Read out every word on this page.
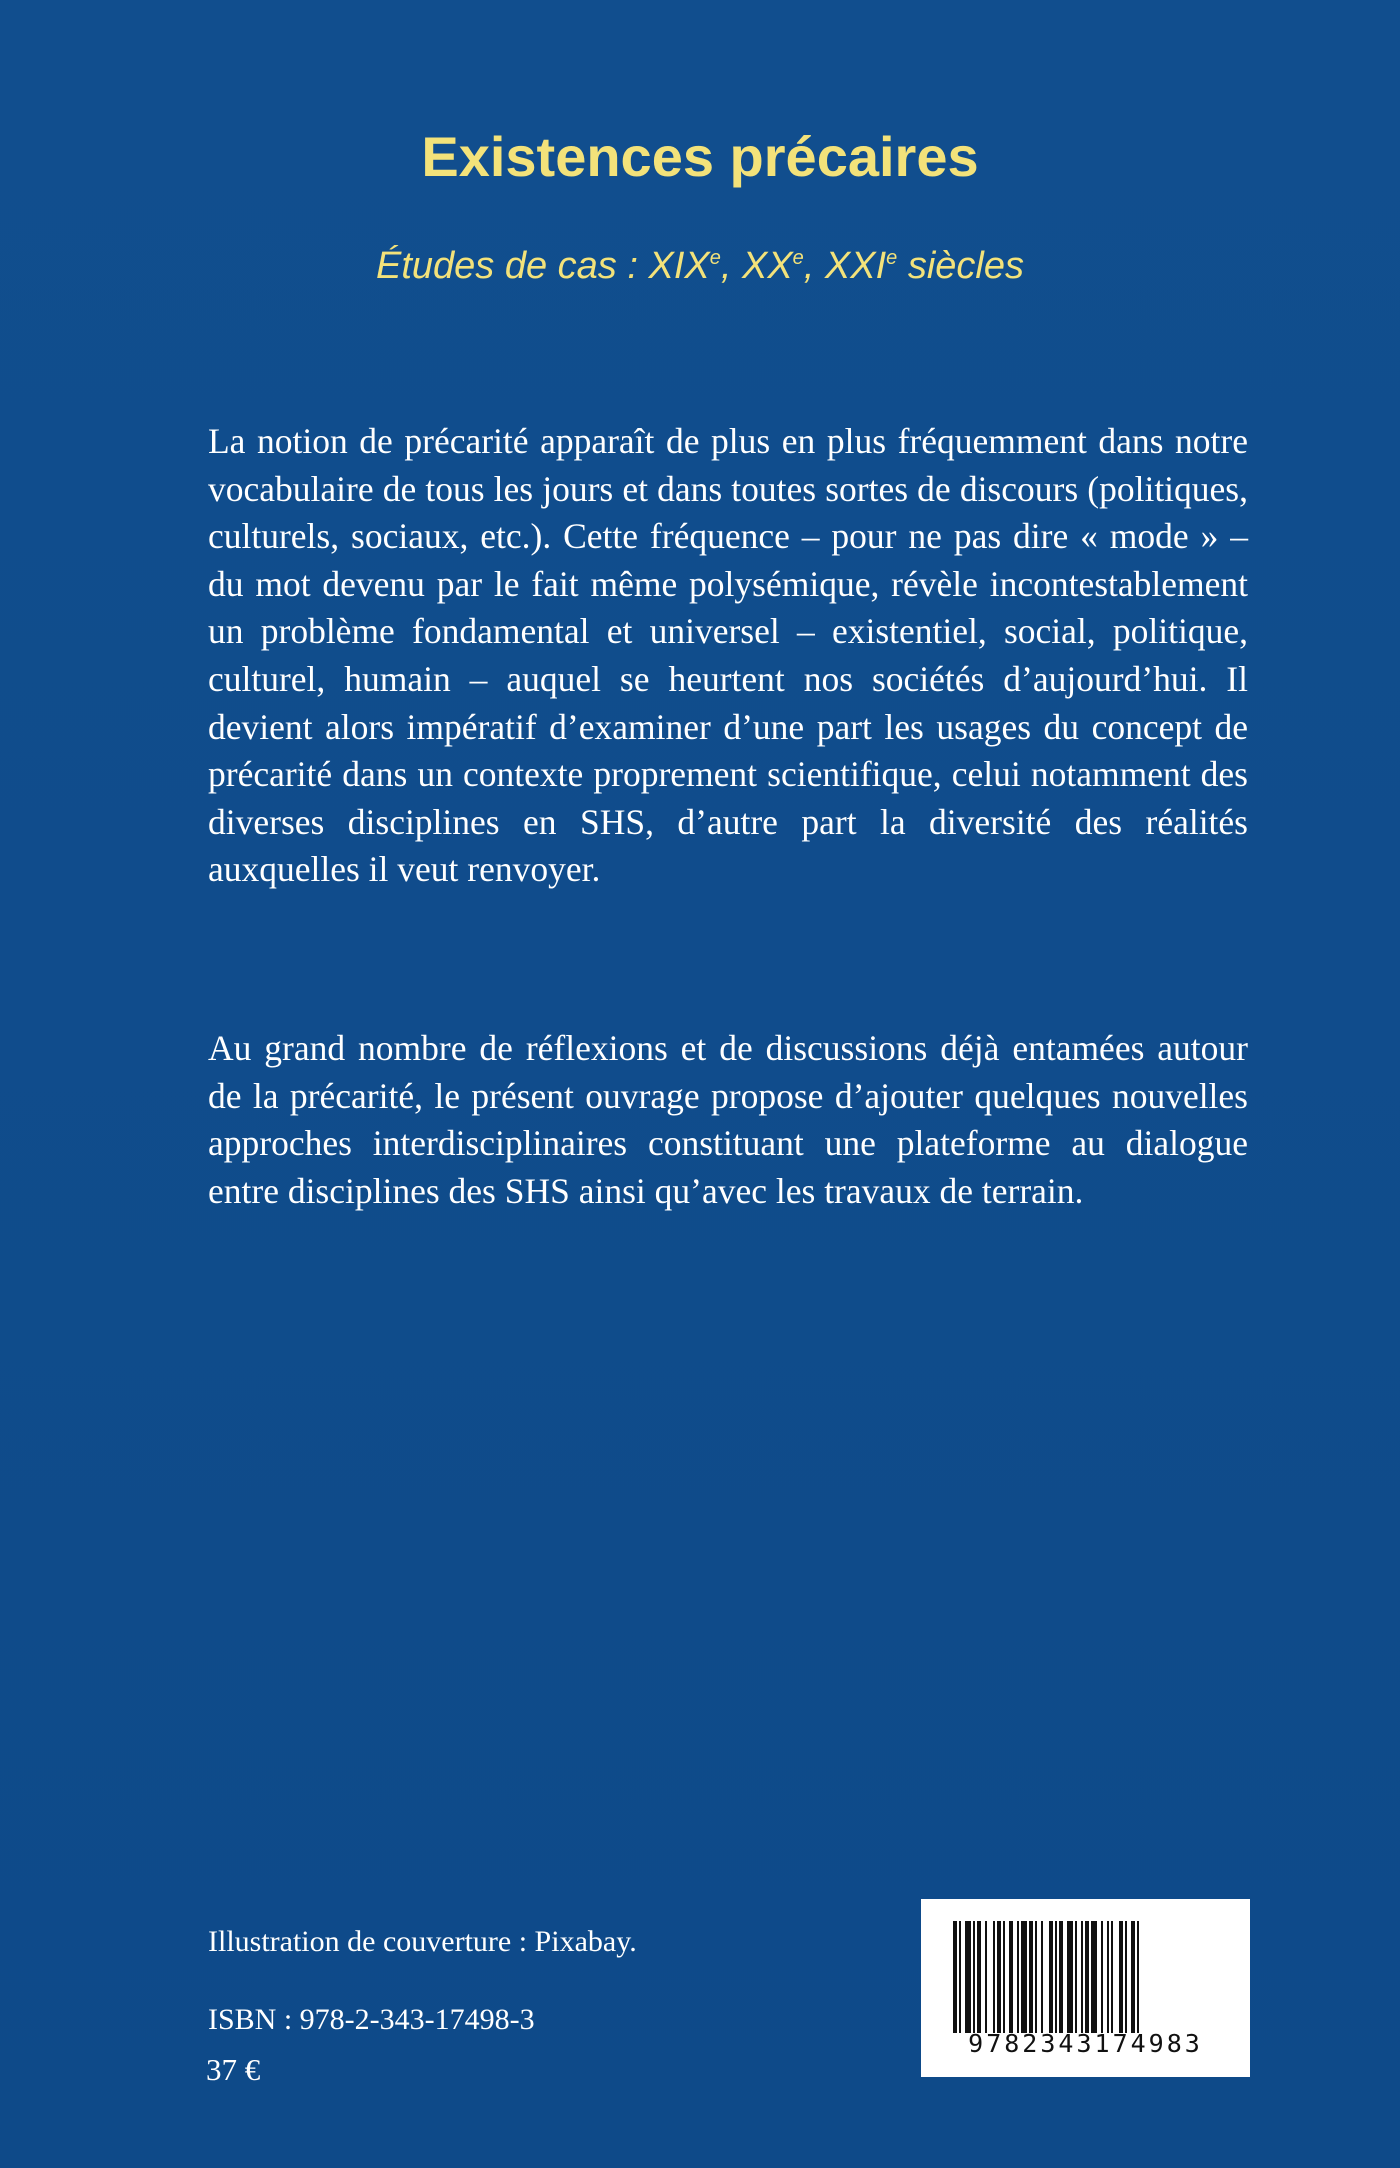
Existences précaires
Études de cas : XIXe, XXe, XXIe siècles
La notion de précarité apparaît de plus en plus fréquemment dans notre vocabulaire de tous les jours et dans toutes sortes de discours (politiques, culturels, sociaux, etc.). Cette fréquence – pour ne pas dire « mode » – du mot devenu par le fait même polysémique, révèle incontestablement un problème fondamental et universel – existentiel, social, politique, culturel, humain – auquel se heurtent nos sociétés d’aujourd’hui. Il devient alors impératif d’examiner d’une part les usages du concept de précarité dans un contexte proprement scientifique, celui notamment des diverses disciplines en SHS, d’autre part la diversité des réalités auxquelles il veut renvoyer.
Au grand nombre de réflexions et de discussions déjà entamées autour de la précarité, le présent ouvrage propose d’ajouter quelques nouvelles approches interdisciplinaires constituant une plateforme au dialogue entre disciplines des SHS ainsi qu’avec les travaux de terrain.
Illustration de couverture : Pixabay.
ISBN : 978-2-343-17498-3
37 €
9782343174983
